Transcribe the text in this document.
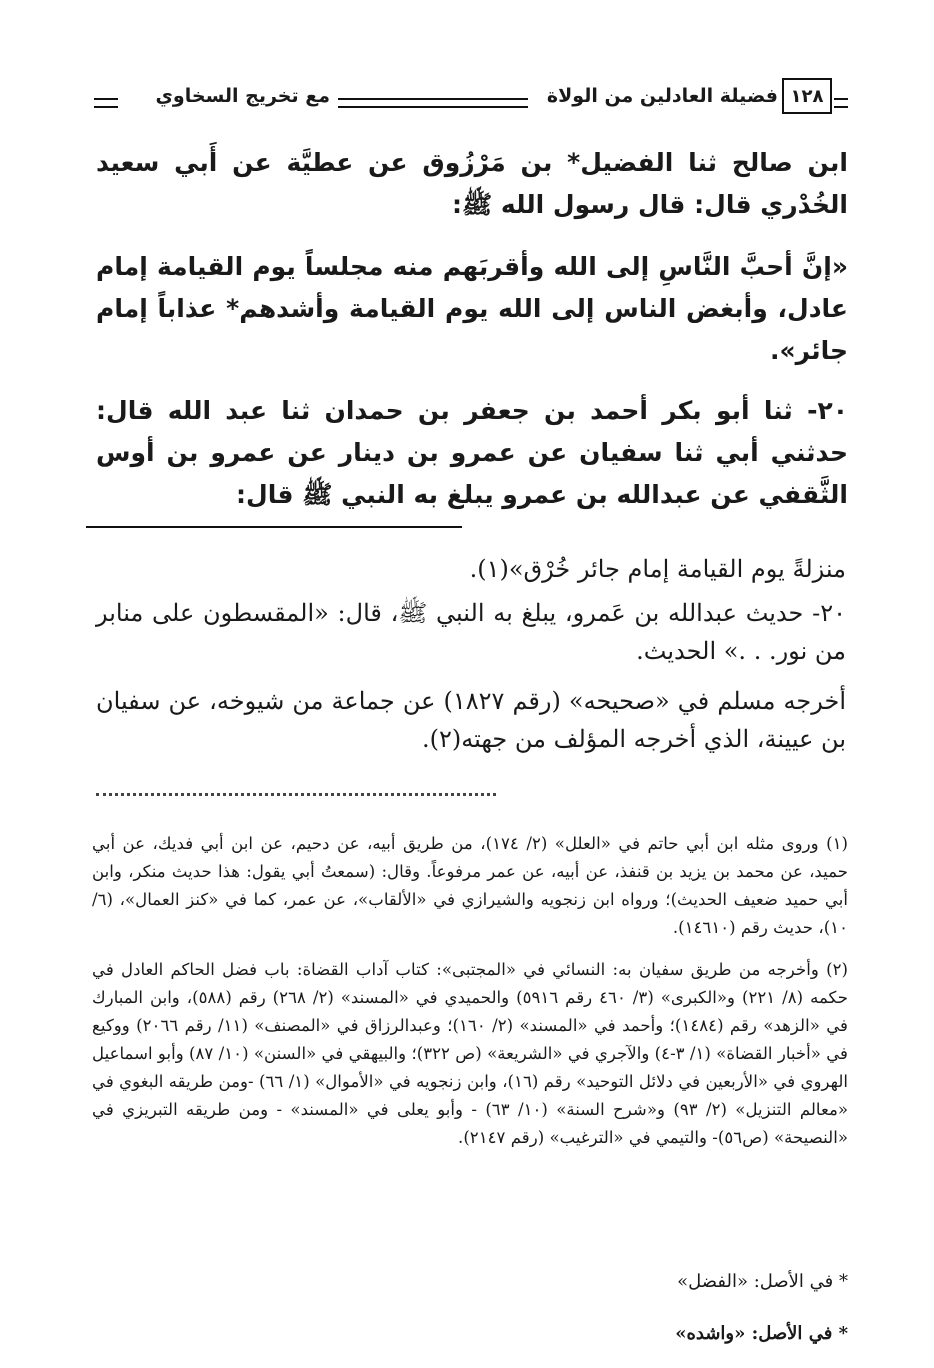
١٢٨
فضيلة العادلين من الولاة
مع تخريج السخاوي

ابن صالح ثنا الفضيل* بن مَرْزُوق عن عطيَّة عن أَبي سعيد الخُدْري قال: قال رسول الله ﷺ:

«إنَّ أحبَّ النَّاسِ إلى الله وأقربَهم منه مجلساً يوم القيامة إمام عادل، وأبغض الناس إلى الله يوم القيامة وأشدهم* عذاباً إمام جائر».

٢٠- ثنا أبو بكر أحمد بن جعفر بن حمدان ثنا عبد الله قال: حدثني أبي ثنا سفيان عن عمرو بن دينار عن عمرو بن أوس الثَّقفي عن عبدالله بن عمرو يبلغ به النبي ﷺ قال:

منزلةً يوم القيامة إمام جائر خُرْق»(١).

٢٠- حديث عبدالله بن عَمرو، يبلغ به النبي ﷺ، قال: «المقسطون على منابر من نور. . .» الحديث.

أخرجه مسلم في «صحيحه» (رقم ١٨٢٧) عن جماعة من شيوخه، عن سفيان بن عيينة، الذي أخرجه المؤلف من جهته(٢).

(١) وروى مثله ابن أبي حاتم في «العلل» (٢/ ١٧٤)، من طريق أبيه، عن دحيم، عن ابن أبي فديك، عن أبي حميد، عن محمد بن يزيد بن قنفذ، عن أبيه، عن عمر مرفوعاً. وقال: (سمعتُ أبي يقول: هذا حديث منكر، وابن أبي حميد ضعيف الحديث)؛ ورواه ابن زنجويه والشيرازي في «الألقاب»، عن عمر، كما في «كنز العمال»، (٦/ ١٠)، حديث رقم (١٤٦١٠).

(٢) وأخرجه من طريق سفيان به: النسائي في «المجتبى»: كتاب آداب القضاة: باب فضل الحاكم العادل في حكمه (٨/ ٢٢١) و«الكبرى» (٣/ ٤٦٠ رقم ٥٩١٦) والحميدي في «المسند» (٢/ ٢٦٨) رقم (٥٨٨)، وابن المبارك في «الزهد» رقم (١٤٨٤)؛ وأحمد في «المسند» (٢/ ١٦٠)؛ وعبدالرزاق في «المصنف» (١١/ رقم ٢٠٦٦) ووكيع في «أخبار القضاة» (١/ ٣-٤) والآجري في «الشريعة» (ص ٣٢٢)؛ والبيهقي في «السنن» (١٠/ ٨٧) وأبو اسماعيل الهروي في «الأربعين في دلائل التوحيد» رقم (١٦)، وابن زنجويه في «الأموال» (١/ ٦٦) -ومن طريقه البغوي في «معالم التنزيل» (٢/ ٩٣) و«شرح السنة» (١٠/ ٦٣) - وأبو يعلى في «المسند» - ومن طريقه التبريزي في «النصيحة» (ص٥٦)- والتيمي في «الترغيب» (رقم ٢١٤٧).

* في الأصل: «الفضل»
* في الأصل: «واشده»
